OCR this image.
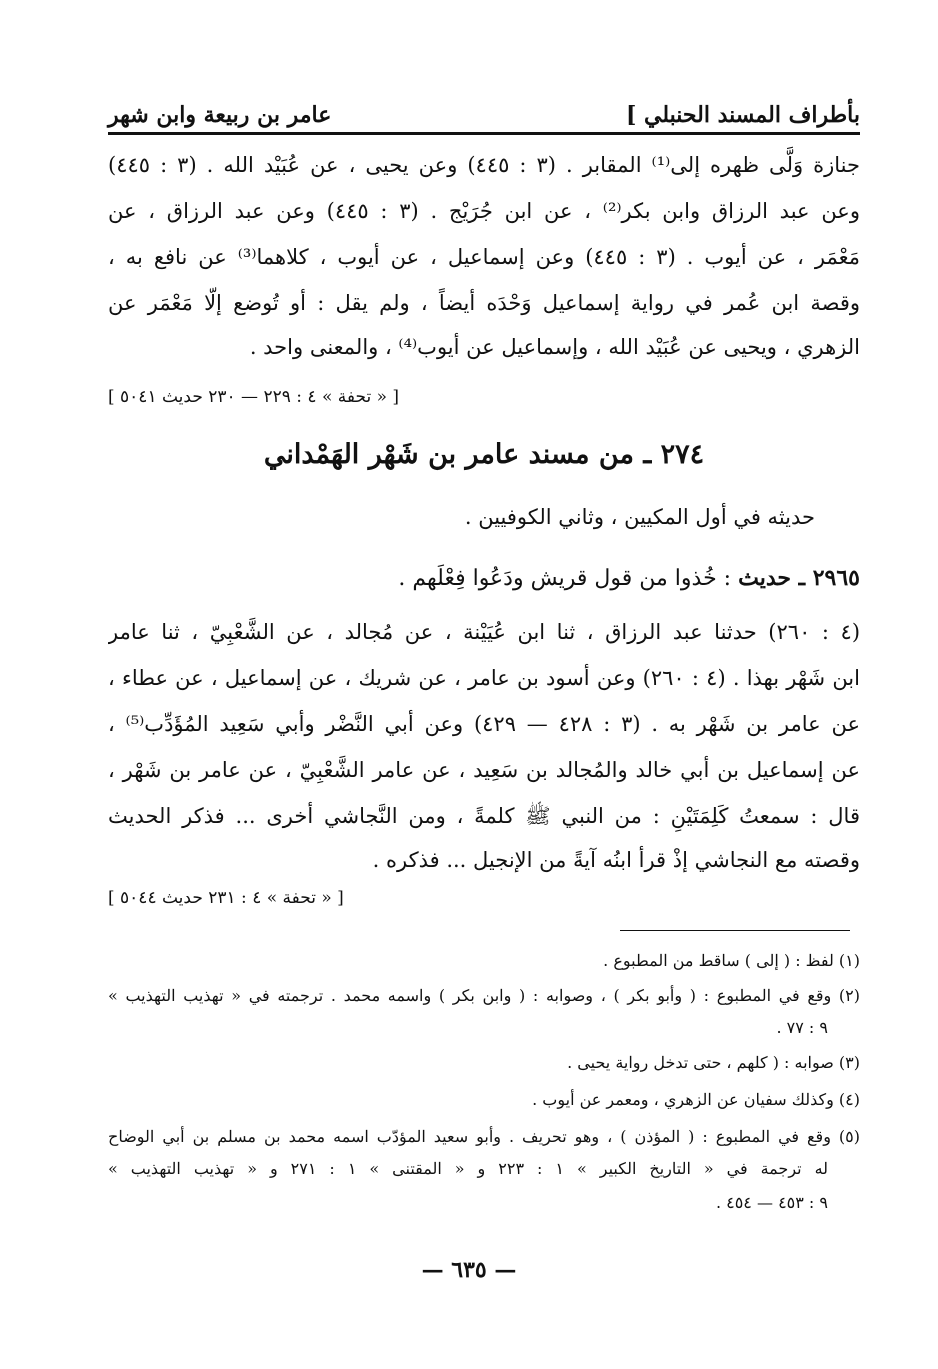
بأطراف المسند الحنبلي ]
عامر بن ربيعة وابن شهر
جنازة وَلَّى ظهره إلى⁽¹⁾ المقابر . (٣ : ٤٤٥) وعن يحيى ، عن عُبَيْد الله . (٣ : ٤٤٥)
وعن عبد الرزاق وابن بكر⁽²⁾ ، عن ابن جُرَيْج . (٣ : ٤٤٥) وعن عبد الرزاق ، عن
مَعْمَر ، عن أيوب . (٣ : ٤٤٥) وعن إسماعيل ، عن أيوب ، كلاهما⁽³⁾ عن نافع به ،
وقصة ابن عُمر في رواية إسماعيل وَحْدَه أيضاً ، ولم يقل : أو تُوضع إلّا مَعْمَر عن
الزهري ، ويحيى عن عُبَيْد الله ، وإسماعيل عن أيوب⁽⁴⁾ ، والمعنى واحد .
[ « تحفة » ٤ : ٢٢٩ — ٢٣٠ حديث ٥٠٤١ ]
٢٧٤ ـ من مسند عامر بن شَهْر الهَمْداني
حديثه في أول المكيين ، وثاني الكوفيين .
٢٩٦٥ ـ حديث : خُذوا من قول قريش ودَعُوا فِعْلَهم .
(٤ : ٢٦٠) حدثنا عبد الرزاق ، ثنا ابن عُيَيْنة ، عن مُجالد ، عن الشَّعْبِيّ ، ثنا عامر
ابن شَهْر بهذا . (٤ : ٢٦٠) وعن أسود بن عامر ، عن شريك ، عن إسماعيل ، عن عطاء ،
عن عامر بن شَهْر به . (٣ : ٤٢٨ — ٤٢٩) وعن أبي النَّضْر وأبي سَعِيد المُؤَدِّب⁽⁵⁾ ،
عن إسماعيل بن أبي خالد والمُجالد بن سَعِيد ، عن عامر الشَّعْبِيّ ، عن عامر بن شَهْر ،
قال : سمعتُ كَلِمَتَيْنِ : من النبي ﷺ كلمةً ، ومن النَّجاشي أخرى ... فذكر الحديث
وقصته مع النجاشي إذْ قرأ ابنُه آيةً من الإنجيل ... فذكره .
[ « تحفة » ٤ : ٢٣١ حديث ٥٠٤٤ ]
(١) لفظ : ( إلى ) ساقط من المطبوع .
(٢) وقع في المطبوع : ( وأبو بكر ) ، وصوابه : ( وابن بكر ) واسمه محمد . ترجمته في « تهذيب التهذيب »
٩ : ٧٧ .
(٣) صوابه : ( كلهم ، حتى تدخل رواية يحيى .
(٤) وكذلك سفيان عن الزهري ، ومعمر عن أيوب .
(٥) وقع في المطبوع : ( المؤذن ) ، وهو تحريف . وأبو سعيد المؤدّب اسمه محمد بن مسلم بن أبي الوضاح
له ترجمة في « التاريخ الكبير » ١ : ٢٢٣ و « المقتنى » ١ : ٢٧١ و « تهذيب التهذيب »
٩ : ٤٥٣ — ٤٥٤ .
— ٦٣٥ —
